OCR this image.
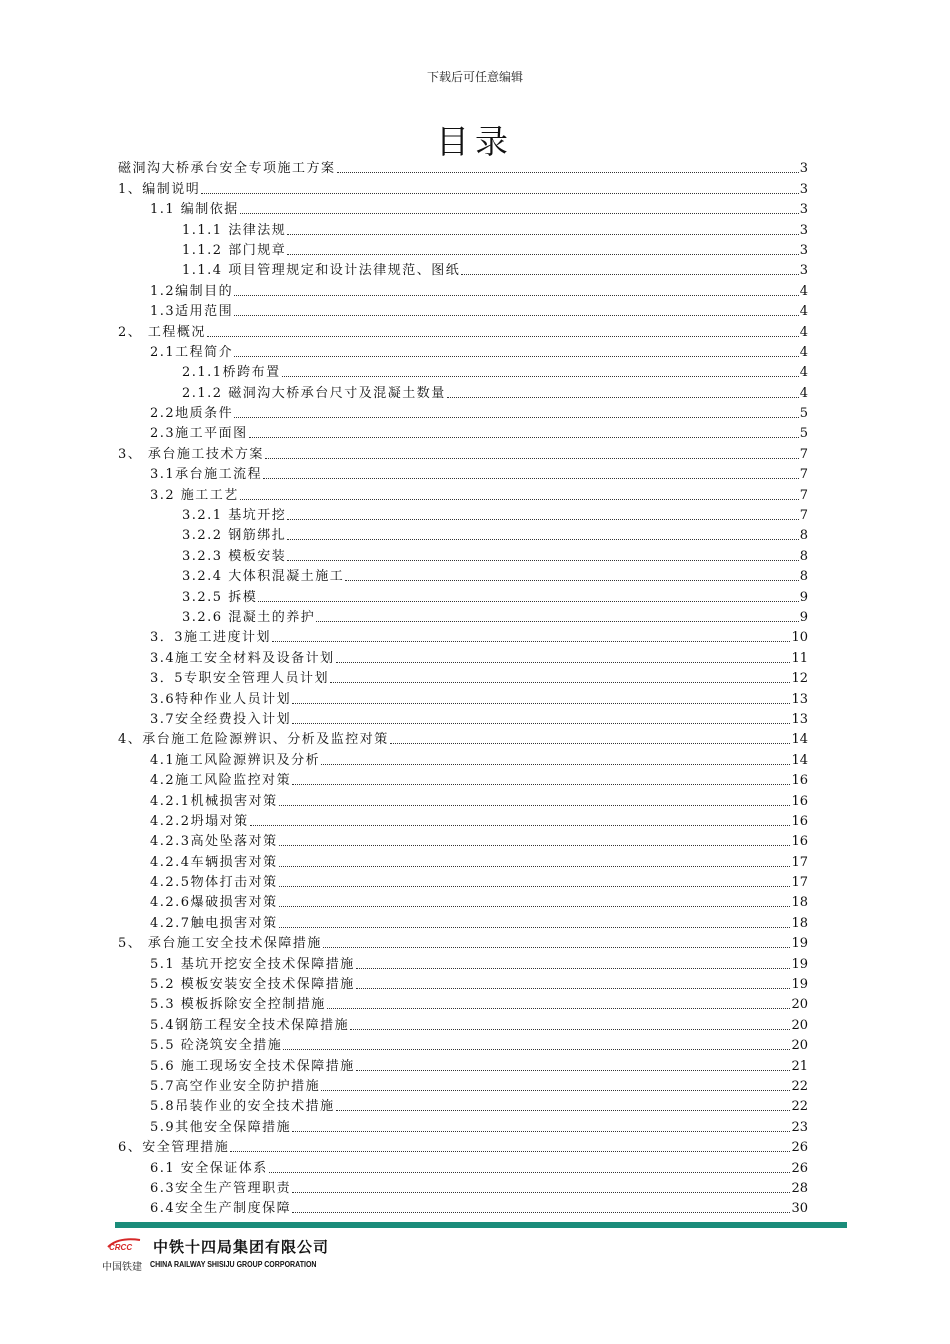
下载后可任意编辑
目录
磁洞沟大桥承台安全专项施工方案	3
1、编制说明	3
1.1 编制依据	3
1.1.1 法律法规	3
1.1.2 部门规章	3
1.1.4 项目管理规定和设计法律规范、图纸	3
1.2编制目的	4
1.3适用范围	4
2、 工程概况	4
2.1工程简介	4
2.1.1桥跨布置	4
2.1.2 磁洞沟大桥承台尺寸及混凝土数量	4
2.2地质条件	5
2.3施工平面图	5
3、 承台施工技术方案	7
3.1承台施工流程	7
3.2 施工工艺	7
3.2.1 基坑开挖	7
3.2.2 钢筋绑扎	8
3.2.3 模板安装	8
3.2.4 大体积混凝土施工	8
3.2.5 拆模	9
3.2.6 混凝土的养护	9
3．3施工进度计划	10
3.4施工安全材料及设备计划	11
3．5专职安全管理人员计划	12
3.6特种作业人员计划	13
3.7安全经费投入计划	13
4、承台施工危险源辨识、分析及监控对策	14
4.1施工风险源辨识及分析	14
4.2施工风险监控对策	16
4.2.1机械损害对策	16
4.2.2坍塌对策	16
4.2.3高处坠落对策	16
4.2.4车辆损害对策	17
4.2.5物体打击对策	17
4.2.6爆破损害对策	18
4.2.7触电损害对策	18
5、 承台施工安全技术保障措施	19
5.1 基坑开挖安全技术保障措施	19
5.2 模板安装安全技术保障措施	19
5.3 模板拆除安全控制措施	20
5.4钢筋工程安全技术保障措施	20
5.5 砼浇筑安全措施	20
5.6 施工现场安全技术保障措施	21
5.7高空作业安全防护措施	22
5.8吊装作业的安全技术措施	22
5.9其他安全保障措施	23
6、安全管理措施	26
6.1 安全保证体系	26
6.3安全生产管理职责	28
6.4安全生产制度保障	30
CRCC 中铁十四局集团有限公司
中国铁建 CHINA RAILWAY SHISIJU GROUP CORPORATION
